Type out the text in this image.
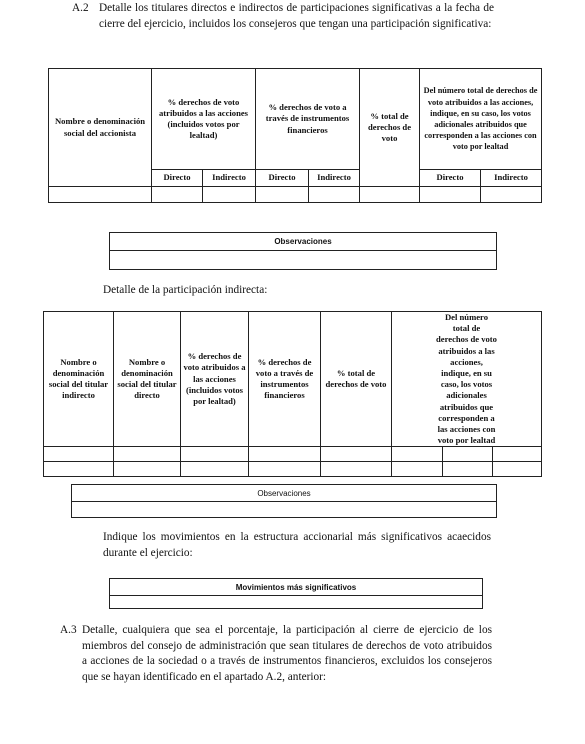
A.2 Detalle los titulares directos e indirectos de participaciones significativas a la fecha de cierre del ejercicio, incluidos los consejeros que tengan una participación significativa:
Nombre o denominación social del accionista	% derechos de voto atribuidos a las acciones (incluidos votos por lealtad)		% derechos de voto a través de instrumentos financieros		% total de derechos de voto	Del número total de derechos de voto atribuidos a las acciones, indique, en su caso, los votos adicionales atribuidos que corresponden a las acciones con voto por lealtad	
	Directo	Indirecto	Directo	Indirecto		Directo	Indirecto

Observaciones
Detalle de la participación indirecta:
Nombre o denominación social del titular indirecto	Nombre o denominación social del titular directo	% derechos de voto atribuidos a las acciones (incluidos votos por lealtad)	% derechos de voto a través de instrumentos financieros	% total de derechos de voto	Del número total de derechos de voto atribuidos a las acciones, indique, en su caso, los votos adicionales atribuidos que corresponden a las acciones con voto por lealtad

Observaciones
Indique los movimientos en la estructura accionarial más significativos acaecidos durante el ejercicio:
Movimientos más significativos
A.3 Detalle, cualquiera que sea el porcentaje, la participación al cierre de ejercicio de los miembros del consejo de administración que sean titulares de derechos de voto atribuidos a acciones de la sociedad o a través de instrumentos financieros, excluidos los consejeros que se hayan identificado en el apartado A.2, anterior:
